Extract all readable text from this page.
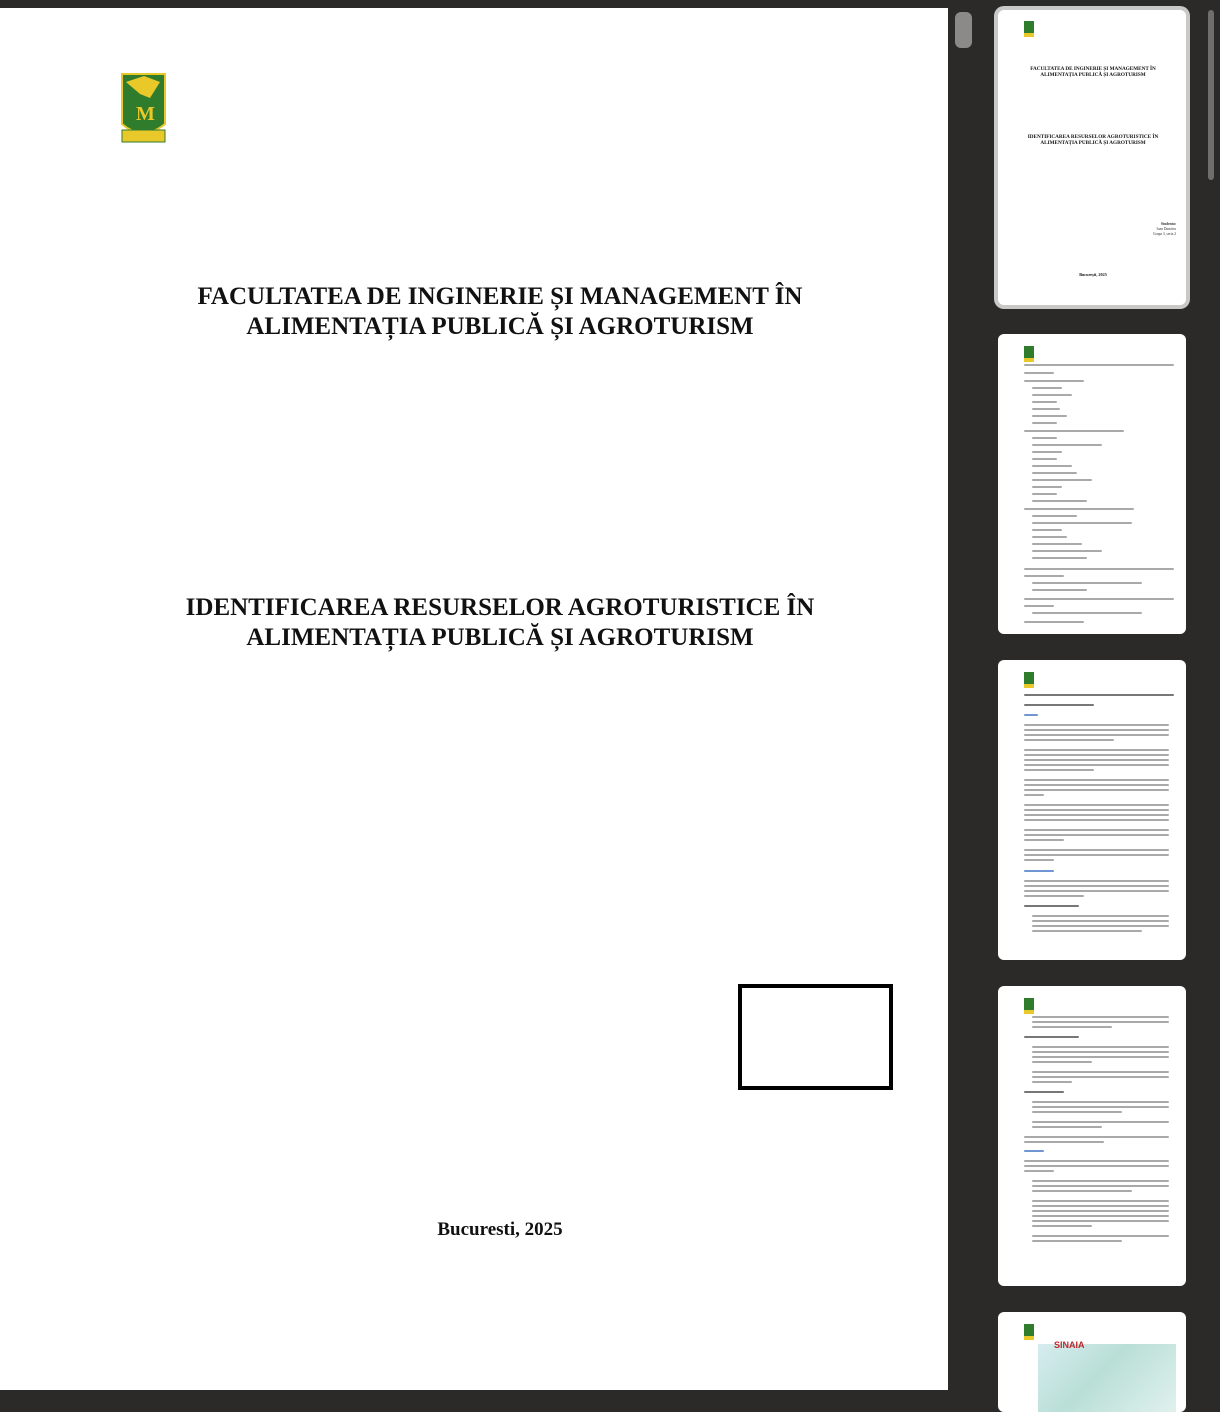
M
FACULTATEA DE INGINERIE ȘI MANAGEMENT ÎN
ALIMENTAȚIA PUBLICĂ ȘI AGROTURISM
IDENTIFICAREA RESURSELOR AGROTURISTICE ÎN
ALIMENTAȚIA PUBLICĂ ȘI AGROTURISM
Bucuresti, 2025
FACULTATEA DE INGINERIE ȘI MANAGEMENT ÎN
ALIMENTAȚIA PUBLICĂ ȘI AGROTURISM
IDENTIFICAREA RESURSELOR AGROTURISTICE ÎN
ALIMENTAȚIA PUBLICĂ ȘI AGROTURISM
Studentu:
Ioan Dumitru
Grupa 3, seria 2
București, 2025
SINAIA
